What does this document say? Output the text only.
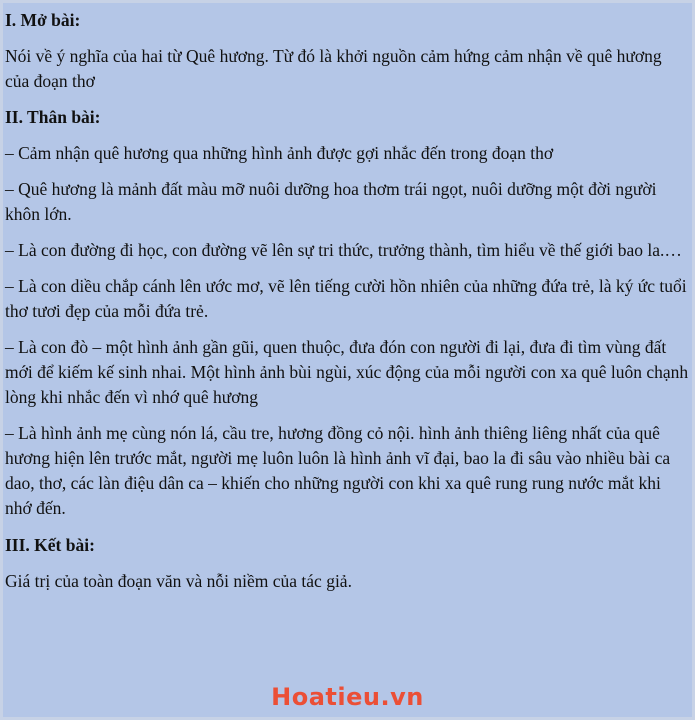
I. Mở bài:
Nói về ý nghĩa của hai từ Quê hương. Từ đó là khởi nguồn cảm hứng cảm nhận về quê hương của đoạn thơ
II. Thân bài:
– Cảm nhận quê hương qua những hình ảnh được gợi nhắc đến trong đoạn thơ
– Quê hương là mảnh đất màu mỡ nuôi dưỡng hoa thơm trái ngọt, nuôi dưỡng một đời người khôn lớn.
– Là con đường đi học, con đường vẽ lên sự tri thức, trưởng thành, tìm hiểu về thế giới bao la.…
– Là con diều chắp cánh lên ước mơ, vẽ lên tiếng cười hồn nhiên của những đứa trẻ, là ký ức tuổi thơ tươi đẹp của mỗi đứa trẻ.
– Là con đò – một hình ảnh gần gũi, quen thuộc, đưa đón con người đi lại, đưa đi tìm vùng đất mới để kiếm kế sinh nhai. Một hình ảnh bùi ngùi, xúc động của mỗi người con xa quê luôn chạnh lòng khi nhắc đến vì nhớ quê hương
– Là hình ảnh mẹ cùng nón lá, cầu tre, hương đồng cỏ nội. hình ảnh thiêng liêng nhất của quê hương hiện lên trước mắt, người mẹ luôn luôn là hình ảnh vĩ đại, bao la đi sâu vào nhiều bài ca dao, thơ, các làn điệu dân ca – khiến cho những người con khi xa quê rung rung nước mắt khi nhớ đến.
III. Kết bài:
Giá trị của toàn đoạn văn và nỗi niềm của tác giả.
Hoatieu.vn
